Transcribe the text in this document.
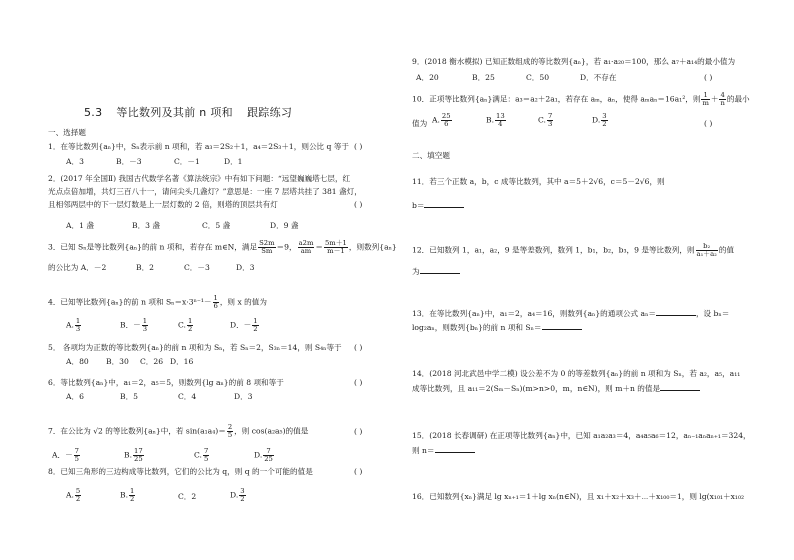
5.3 等比数列及其前 n 项和 跟踪练习
一、选择题
1．在等比数列{aₙ}中，Sₙ表示前 n 项和，若 a₃＝2S₂＋1，a₄＝2S₃＋1，则公比 q 等于 ( )
A．3	B．－3	C．－1	D．1
2．(2017 年全国Ⅱ) 我国古代数学名著《算法统宗》中有如下问题：“远望巍巍塔七层，红
光点点倍加增，共灯三百八十一，请问尖头几盏灯？”意思是：一座 7 层塔共挂了 381 盏灯，
且相邻两层中的下一层灯数是上一层灯数的 2 倍，则塔的顶层共有灯	( )
A．1 盏	B．3 盏	C．5 盏	D．9 盏
3．已知 Sₙ是等比数列{aₙ}的前 n 项和，若存在 m∈N，满足 $\frac{S2m}{Sm} =9$， $\frac{a2m}{am} = \frac{5m+1}{m-1}$ ，则数列{aₙ}
的公比为 A．－2	B．2	C．－3	D．3
4．已知等比数列{aₙ}的前 n 项和 $S_n=x\cdot 3^{n-1}- \frac{1}{6}$ ，则 x 的值为
A. $\frac{1}{3}$	B．－ $\frac{1}{3}$	C. $\frac{1}{2}$	D．－ $\frac{1}{2}$
5． 各项均为正数的等比数列{aₙ}的前 n 项和为 Sₙ，若 Sₙ＝2，S₃ₙ＝14，则 S₄ₙ等于 ( )
A．80 B．30 C．26 D．16
6．等比数列{aₙ}中，a₁＝2，a₅＝5，则数列{lg aₙ}的前 8 项和等于	( )
A．6	B．5	C．4	D．3
7．在公比为 √2 的等比数列{aₙ}中，若 $\sin(a_1a_4)= \frac{2}{5}$ ，则 cos(a₂a₅)的值是	( )
A．－ $\frac{7}{5}$	B. $\frac{17}{25}$	C. $\frac{7}{5}$	D. $\frac{7}{25}$
8．已知三角形的三边构成等比数列，它们的公比为 q，则 q 的一个可能的值是	( )
A. $\frac{5}{2}$	B. $\frac{1}{2}$	C．2	D. $\frac{3}{2}$
9．(2018 衡水模拟) 已知正数组成的等比数列{aₙ}，若 a₁·a₂₀＝100，那么 a₇＋a₁₄的最小值为
( )
A．20	B．25	C．50	D．不存在
10．正项等比数列{aₙ}满足：a₃＝a₂＋2a₁，若存在 aₘ，aₙ，使得 aₘaₙ＝16a₁²，则 $\frac{1}{m} + \frac{4}{n}$ 的最小
值为 A. $\frac{25}{6}$	B. $\frac{13}{4}$	C. $\frac{7}{3}$	D. $\frac{3}{2}$	( )
二、填空题
11．若三个正数 a，b，c 成等比数列，其中 a＝5＋2√6，c＝5－2√6，则
b＝
12．已知数列 1，a₁，a₂，9 是等差数列，数列 1，b₁，b₂，b₃，9 是等比数列，则 $\frac{\text{b₂}}{\text{a₁＋a₂}}$ 的值
为
13．在等比数列{aₙ}中，a₁＝2，a₄＝16，则数列{aₙ}的通项公式 aₙ＝	，设 bₙ＝
log₂aₙ，则数列{bₙ}的前 n 项和 Sₙ＝
14．(2018 河北武邑中学二模) 设公差不为 0 的等差数列{aₙ}的前 n 项和为 Sₙ，若 a₂，a₅，a₁₁
成等比数列，且 a₁₁＝2(Sₘ－Sₙ)(m>n>0，m，n∈N)，则 m＋n 的值是
15．(2018 长春调研) 在正项等比数列{aₙ}中，已知 a₁a₂a₃＝4，a₄a₅a₆＝12，aₙ₋₁aₙaₙ₊₁＝324，
则 n＝
16．已知数列{xₙ}满足 lg xₙ₊₁＝1＋lg xₙ(n∈N)，且 x₁＋x₂＋x₃＋⋯＋x₁₀₀＝1，则 lg(x₁₀₁＋x₁₀₂
